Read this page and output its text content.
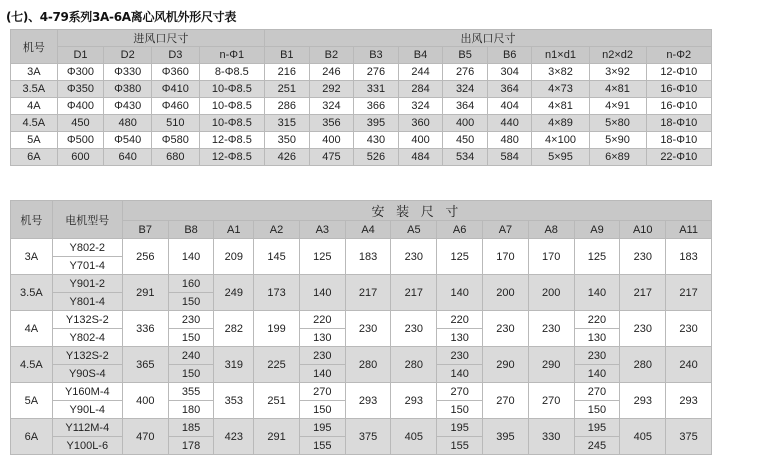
(七)、4-79系列3A-6A离心风机外形尺寸表
机号	进风口尺寸				出风口尺寸								
	D1	D2	D3	n-Φ1	B1	B2	B3	B4	B5	B6	n1×d1	n2×d2	n-Φ2
3A	Φ300	Φ330	Φ360	8-Φ8.5	216	246	276	244	276	304	3×82	3×92	12-Φ10
3.5A	Φ350	Φ380	Φ410	10-Φ8.5	251	292	331	284	324	364	4×73	4×81	16-Φ10
4A	Φ400	Φ430	Φ460	10-Φ8.5	286	324	366	324	364	404	4×81	4×91	16-Φ10
4.5A	450	480	510	10-Φ8.5	315	356	395	360	400	440	4×89	5×80	18-Φ10
5A	Φ500	Φ540	Φ580	12-Φ8.5	350	400	430	400	450	480	4×100	5×90	18-Φ10
6A	600	640	680	12-Φ8.5	426	475	526	484	534	584	5×95	6×89	22-Φ10
机号	电机型号	安 装 尺 寸												
		B7	B8	A1	A2	A3	A4	A5	A6	A7	A8	A9	A10	A11
3A	Y802-2	256	140	209	145	125	183	230	125	170	170	125	230	183
	Y701-4													
3.5A	Y901-2	291	160	249	173	140	217	217	140	200	200	140	217	217
	Y801-4		150											
4A	Y132S-2	336	230	282	199	220	230	230	220	230	230	220	230	230
	Y802-4		150			130			130			130		
4.5A	Y132S-2	365	240	319	225	230	280	280	230	290	290	230	280	240
	Y90S-4		150			140			140			140		
5A	Y160M-4	400	355	353	251	270	293	293	270	270	270	270	293	293
	Y90L-4		180			150			150			150		
6A	Y112M-4	470	185	423	291	195	375	405	195	395	330	195	405	375
	Y100L-6		178			155			155			245		
